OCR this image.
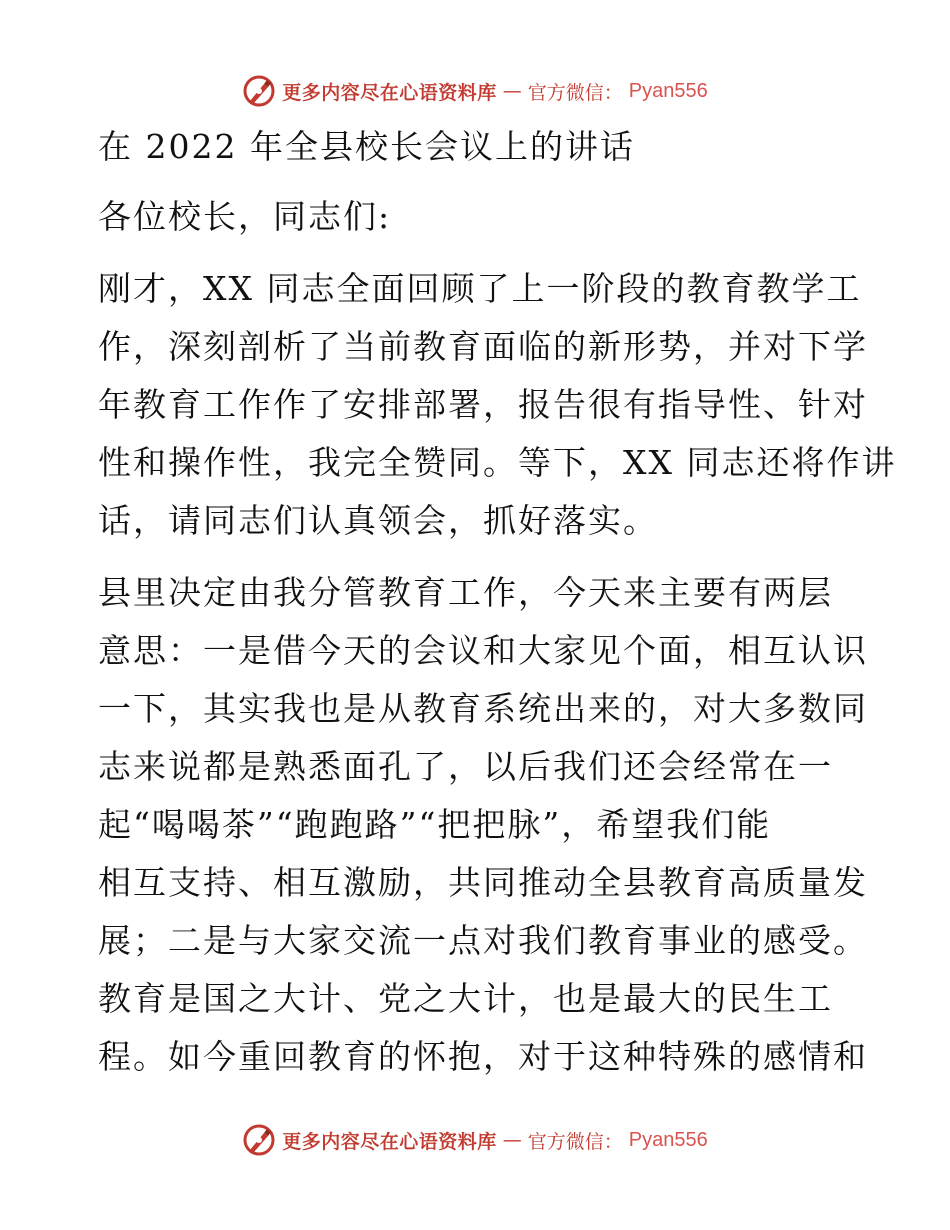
更多内容尽在心语资料库 — 官方微信： Pyan556
在 2022 年全县校长会议上的讲话
各位校长，同志们:
刚才，XX 同志全面回顾了上一阶段的教育教学工
作，深刻剖析了当前教育面临的新形势，并对下学
年教育工作作了安排部署，报告很有指导性、针对
性和操作性，我完全赞同。等下，XX 同志还将作讲
话，请同志们认真领会，抓好落实。
县里决定由我分管教育工作，今天来主要有两层
意思：一是借今天的会议和大家见个面，相互认识
一下，其实我也是从教育系统出来的，对大多数同
志来说都是熟悉面孔了，以后我们还会经常在一
起“喝喝茶”“跑跑路”“把把脉”，希望我们能
相互支持、相互激励，共同推动全县教育高质量发
展；二是与大家交流一点对我们教育事业的感受。
教育是国之大计、党之大计，也是最大的民生工
程。如今重回教育的怀抱，对于这种特殊的感情和
更多内容尽在心语资料库 — 官方微信： Pyan556
